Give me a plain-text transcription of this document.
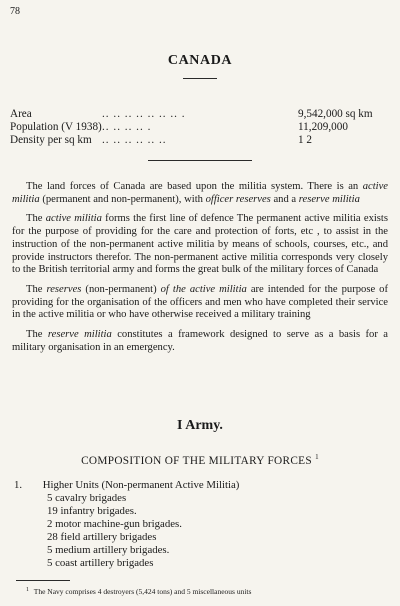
78
CANADA
Area	.. .. .. .. .. .. .. .	9,542,000 sq km
Population (V 1938) .. .. .. .. .	11,209,000
Density per sq km .. .. .. .. .. ..	1 2

The land forces of Canada are based upon the militia system. There is an active militia (permanent and non-permanent), with officer reserves and a reserve militia

The active militia forms the first line of defence The permanent active militia exists for the purpose of providing for the care and protection of forts, etc , to assist in the instruction of the non-permanent active militia by means of schools, courses, etc., and provide instructors therefor. The non-permanent active militia corresponds very closely to the British territorial army and forms the great bulk of the military forces of Canada

The reserves (non-permanent) of the active militia are intended for the purpose of providing for the organisation of the officers and men who have completed their service in the active militia or who have otherwise received a military training

The reserve militia constitutes a framework designed to serve as a basis for a military organisation in an emergency.

I Army.
COMPOSITION OF THE MILITARY FORCES $^1$
1. Higher Units (Non-permanent Active Militia)
5 cavalry brigades
19 infantry brigades.
2 motor machine-gun brigades.
28 field artillery brigades
5 medium artillery brigades.
5 coast artillery brigades
$^1$ The Navy comprises 4 destroyers (5,424 tons) and 5 miscellaneous units
